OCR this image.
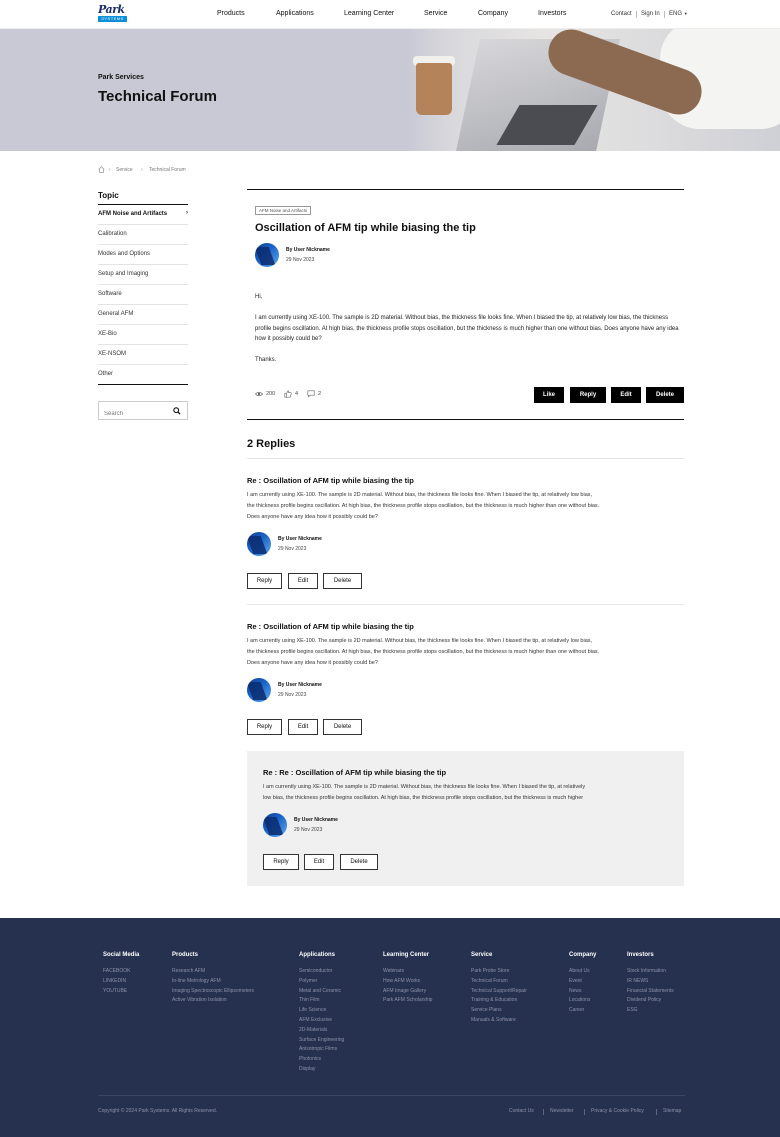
Park
SYSTEMS
Products	Applications	Learning Center	Service	Company	Investors	Contact Sign In ENG ▼
Park Services
Technical Forum
› Service › Technical Forum
Topic
AFM Noise and Artifacts	›
Calibration
Modes and Options
Setup and Imaging
Software
General AFM
XE-Bio
XE-NSOM
Other
Search
AFM Noise and Artifacts
Oscillation of AFM tip while biasing the tip
By User Nickname
29 Nov 2023

Hi,

I am currently using XE-100. The sample is 2D material. Without bias, the thickness file looks fine. When I biased the tip, at relatively low bias, the thickness profile begins oscillation. At high bias, the thickness profile stops oscillation, but the thickness is much higher than one without bias. Does anyone have any idea how it possibly could be?

Thanks.

200	4	2	Like	Reply	Edit	Delete
2 Replies
Re : Oscillation of AFM tip while biasing the tip
I am currently using XE-100. The sample is 2D material. Without bias, the thickness file looks fine. When I biased the tip, at relatively low bias,
the thickness profile begins oscillation. At high bias, the thickness profile stops oscillation, but the thickness is much higher than one without bias.
Does anyone have any idea how it possibly could be?
By User Nickname
29 Nov 2023
Reply	Edit	Delete
Re : Oscillation of AFM tip while biasing the tip
I am currently using XE-100. The sample is 2D material. Without bias, the thickness file looks fine. When I biased the tip, at relatively low bias,
the thickness profile begins oscillation. At high bias, the thickness profile stops oscillation, but the thickness is much higher than one without bias.
Does anyone have any idea how it possibly could be?
By User Nickname
29 Nov 2023
Reply	Edit	Delete
Re : Re : Oscillation of AFM tip while biasing the tip
I am currently using XE-100. The sample is 2D material. Without bias, the thickness file looks fine. When I biased the tip, at relatively
low bias, the thickness profile begins oscillation. At high bias, the thickness profile stops oscillation, but the thickness is much higher
By User Nickname
29 Nov 2023
Reply	Edit	Delete
Social Media
FACEBOOK
LINKEDIN
YOUTUBE
Products
Research AFM
In-line Metrology AFM
Imaging Spectroscopic Ellipsometers
Active Vibration Isolation
Applications
Semiconductor
Polymer
Metal and Ceramic
Thin Film
Life Science
AFM Exclusive
2D-Materials
Surface Engineering
Anisotropic Films
Photonics
Display
Learning Center
Webinars
How AFM Works
AFM Image Gallery
Park AFM Scholarship
Service
Park Probe Store
Technical Forum
Technical Support/Repair
Training & Education
Service Plans
Manuals & Software
Company
About Us
Event
News
Locations
Career
Investors
Stock Information
IR NEWS
Financial Statements
Dividend Policy
ESG
Copyright © 2024 Park Systems. All Rights Reserved.	Contact Us	Newsletter	Privacy & Cookie Policy	Sitemap
